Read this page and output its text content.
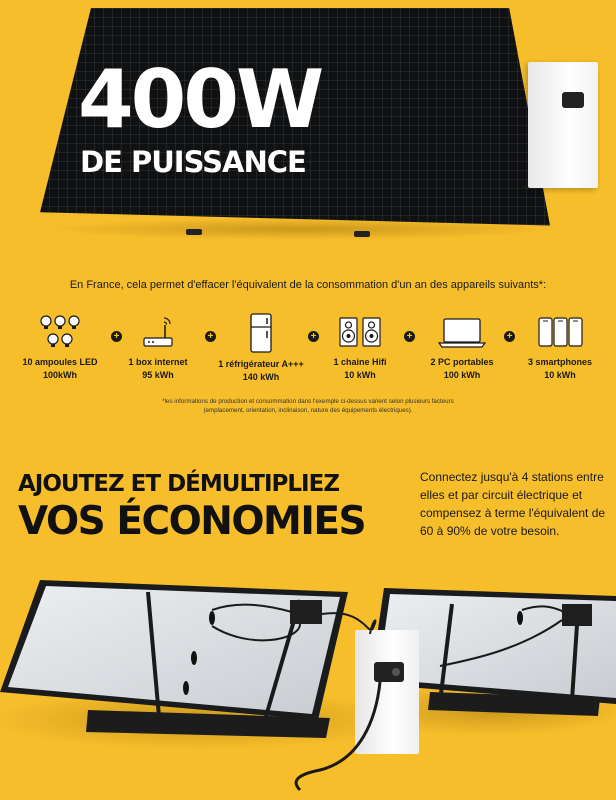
400W
DE PUISSANCE

En France, cela permet d'effacer l'équivalent de la consommation d'un an des appareils suivants*:

10 ampoules LED
100kWh
+
1 box internet
95 kWh
+
1 réfrigérateur A+++
140 kWh
+
1 chaine Hifi
10 kWh
+
2 PC portables
100 kWh
+
3 smartphones
10 kWh

*les informations de production et consommation dans l'exemple ci-dessus varient selon plusieurs facteurs
(emplacement, orientation, inclinaison, nature des équipements électriques).

AJOUTEZ ET DÉMULTIPLIEZ
VOS ÉCONOMIES

Connectez jusqu'à 4 stations entre elles et par circuit électrique et compensez à terme l'équivalent de 60 à 90% de votre besoin.
